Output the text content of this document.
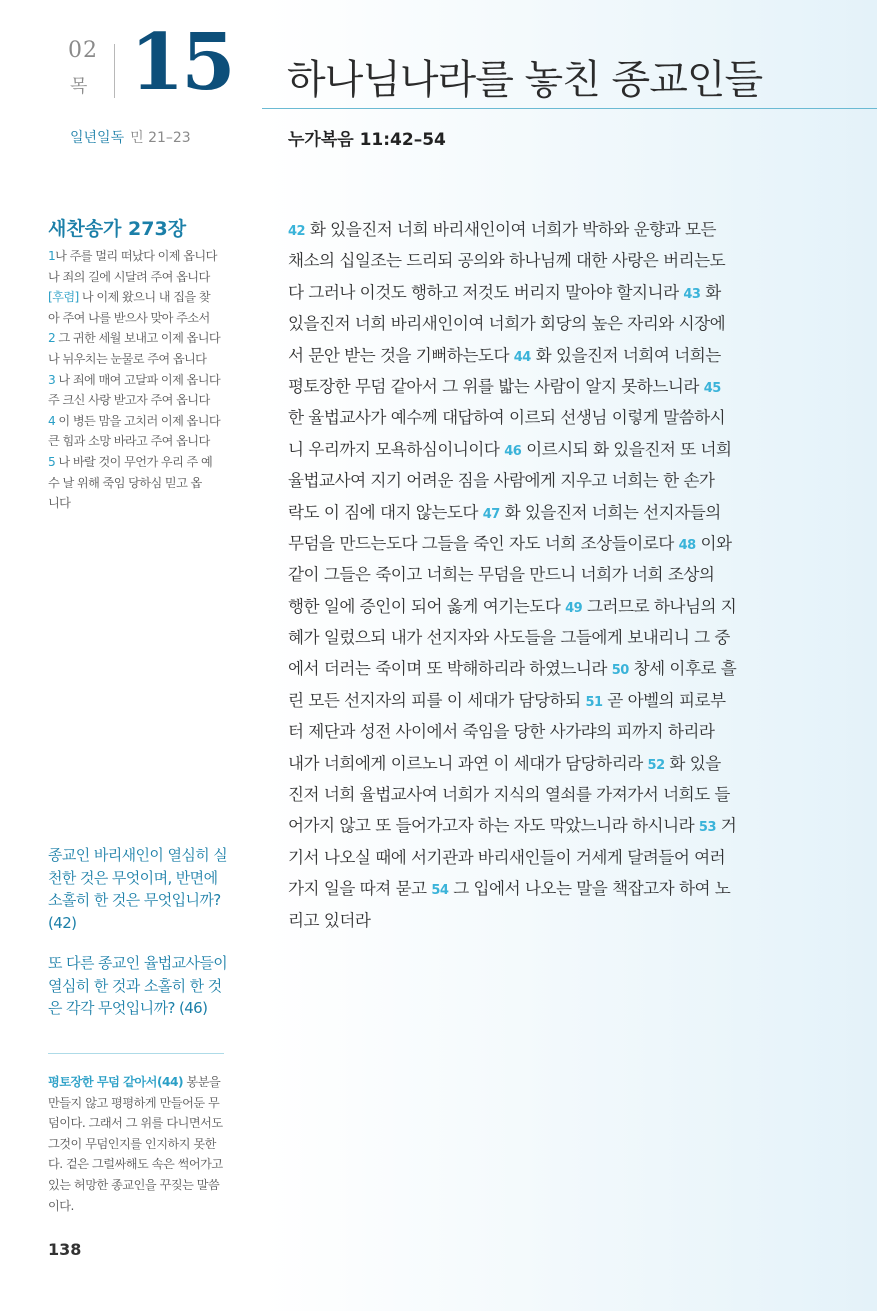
02
목 15 하나님나라를 놓친 종교인들
일년일독 민 21–23	누가복음 11:42–54
새찬송가 273장
1나 주를 멀리 떠났다 이제 옵니다
나 죄의 길에 시달려 주여 옵니다
[후렴] 나 이제 왔으니 내 집을 찾
아 주여 나를 받으사 맞아 주소서
2 그 귀한 세월 보내고 이제 옵니다
나 뉘우치는 눈물로 주여 옵니다
3 나 죄에 매여 고달파 이제 옵니다
주 크신 사랑 받고자 주여 옵니다
4 이 병든 맘을 고치러 이제 옵니다
큰 힘과 소망 바라고 주여 옵니다
5 나 바랄 것이 무언가 우리 주 예
수 날 위해 죽임 당하심 믿고 옵
니다

종교인 바리새인이 열심히 실천한 것은 무엇이며, 반면에 소홀히 한 것은 무엇입니까? (42)

또 다른 종교인 율법교사들이 열심히 한 것과 소홀히 한 것은 각각 무엇입니까? (46)

평토장한 무덤 같아서(44) 봉분을 만들지 않고 평평하게 만들어둔 무덤이다. 그래서 그 위를 다니면서도 그것이 무덤인지를 인지하지 못한다. 겉은 그럴싸해도 속은 썩어가고 있는 허망한 종교인을 꾸짖는 말씀이다.
138
42 화 있을진저 너희 바리새인이여 너희가 박하와 운향과 모든
채소의 십일조는 드리되 공의와 하나님께 대한 사랑은 버리는도
다 그러나 이것도 행하고 저것도 버리지 말아야 할지니라 43 화
있을진저 너희 바리새인이여 너희가 회당의 높은 자리와 시장에
서 문안 받는 것을 기뻐하는도다 44 화 있을진저 너희여 너희는
평토장한 무덤 같아서 그 위를 밟는 사람이 알지 못하느니라 45
한 율법교사가 예수께 대답하여 이르되 선생님 이렇게 말씀하시
니 우리까지 모욕하심이니이다 46 이르시되 화 있을진저 또 너희
율법교사여 지기 어려운 짐을 사람에게 지우고 너희는 한 손가
락도 이 짐에 대지 않는도다 47 화 있을진저 너희는 선지자들의
무덤을 만드는도다 그들을 죽인 자도 너희 조상들이로다 48 이와
같이 그들은 죽이고 너희는 무덤을 만드니 너희가 너희 조상의
행한 일에 증인이 되어 옳게 여기는도다 49 그러므로 하나님의 지
혜가 일렀으되 내가 선지자와 사도들을 그들에게 보내리니 그 중
에서 더러는 죽이며 또 박해하리라 하였느니라 50 창세 이후로 흘
린 모든 선지자의 피를 이 세대가 담당하되 51 곧 아벨의 피로부
터 제단과 성전 사이에서 죽임을 당한 사가랴의 피까지 하리라
내가 너희에게 이르노니 과연 이 세대가 담당하리라 52 화 있을
진저 너희 율법교사여 너희가 지식의 열쇠를 가져가서 너희도 들
어가지 않고 또 들어가고자 하는 자도 막았느니라 하시니라 53 거
기서 나오실 때에 서기관과 바리새인들이 거세게 달려들어 여러
가지 일을 따져 묻고 54 그 입에서 나오는 말을 책잡고자 하여 노
리고 있더라
